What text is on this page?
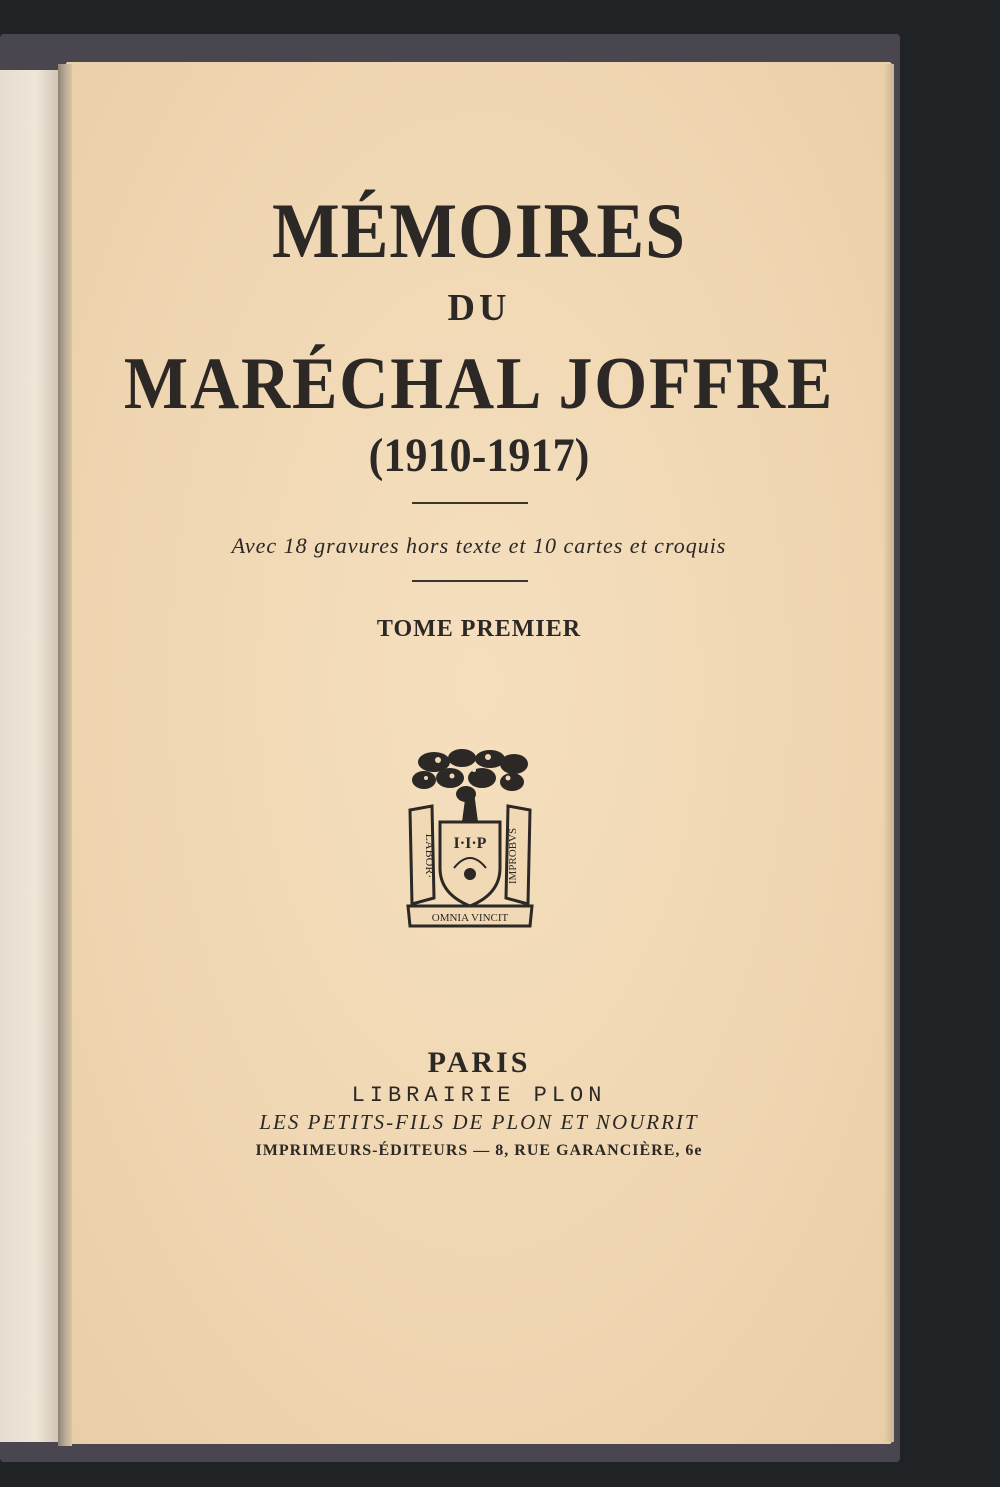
MÉMOIRES
DU
MARÉCHAL JOFFRE
(1910-1917)
Avec 18 gravures hors texte et 10 cartes et croquis
TOME PREMIER
I·I·P
LABOR·	IMPROBVS
OMNIA VINCIT
PARIS
LIBRAIRIE PLON
LES PETITS-FILS DE PLON ET NOURRIT
IMPRIMEURS-ÉDITEURS — 8, RUE GARANCIÈRE, 6e
